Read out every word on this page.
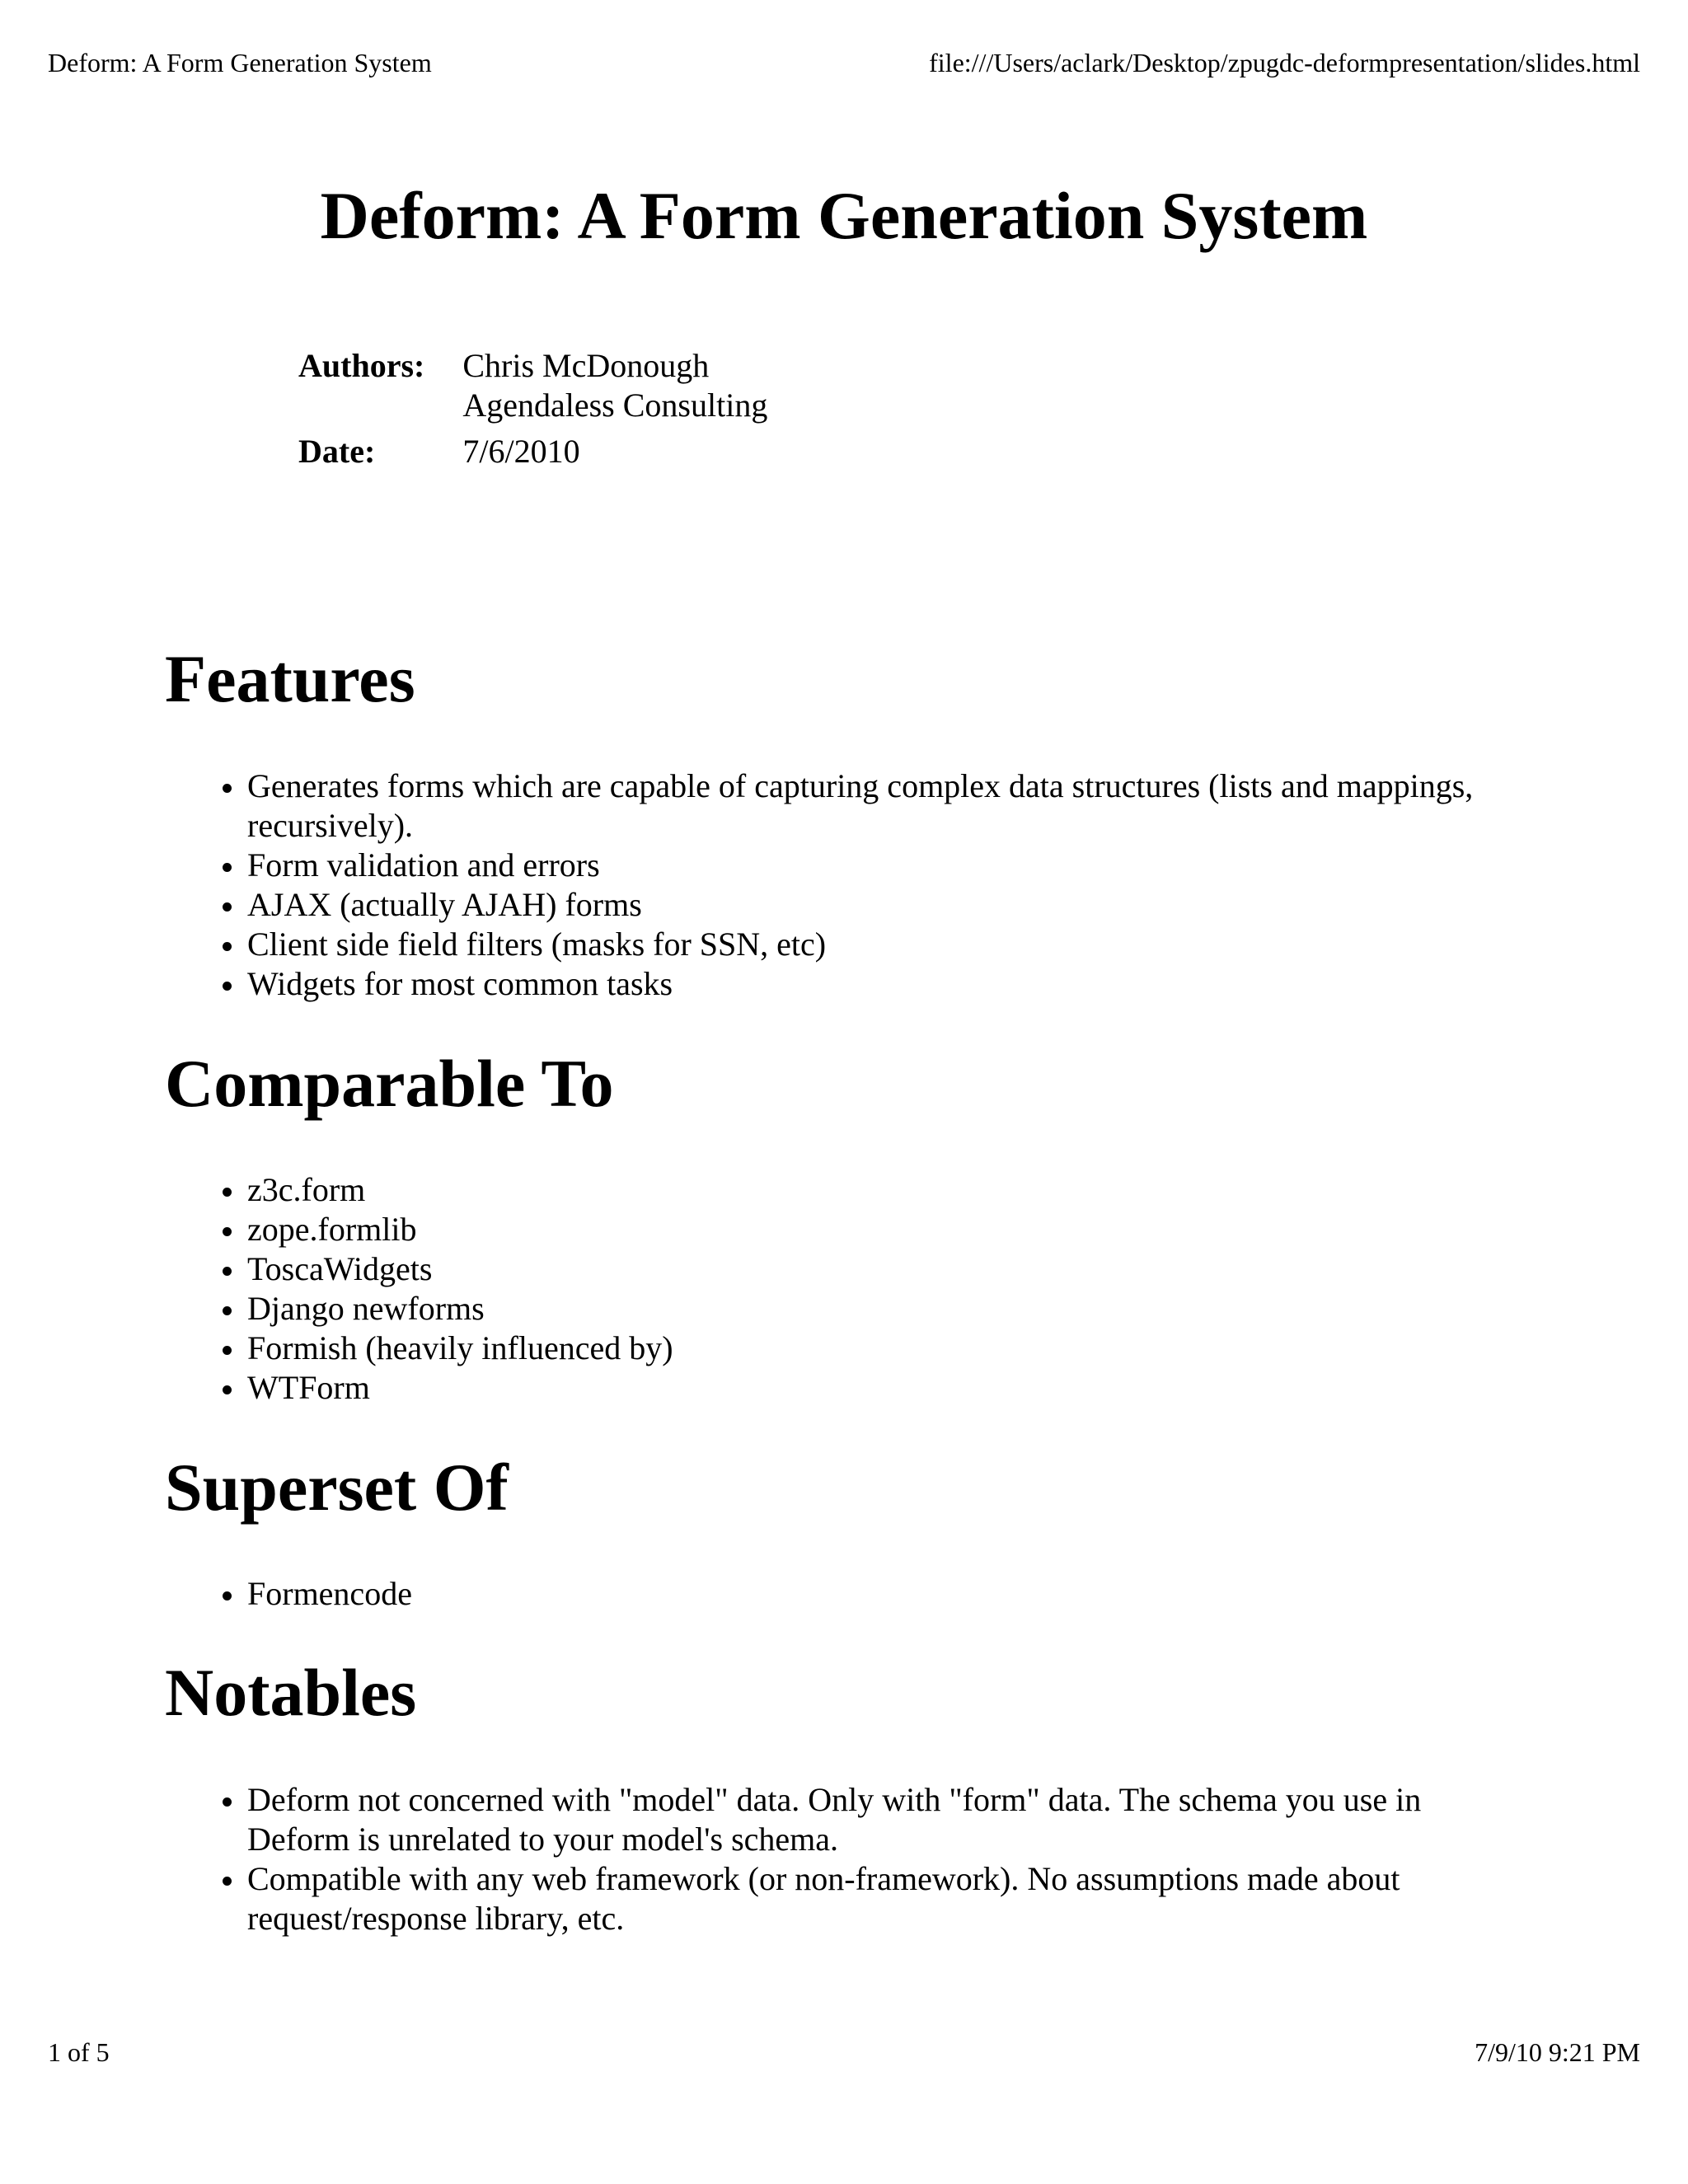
Deform: A Form Generation System	file:///Users/aclark/Desktop/zpugdc-deformpresentation/slides.html
Deform: A Form Generation System
Authors:	Chris McDonough
Agendaless Consulting

Date:	7/6/2010
Features
Generates forms which are capable of capturing complex data structures (lists and mappings, recursively).
Form validation and errors
AJAX (actually AJAH) forms
Client side field filters (masks for SSN, etc)
Widgets for most common tasks
Comparable To
z3c.form
zope.formlib
ToscaWidgets
Django newforms
Formish (heavily influenced by)
WTForm
Superset Of
Formencode
Notables
Deform not concerned with "model" data. Only with "form" data. The schema you use in Deform is unrelated to your model's schema.
Compatible with any web framework (or non-framework). No assumptions made about request/response library, etc.
1 of 5	7/9/10 9:21 PM
